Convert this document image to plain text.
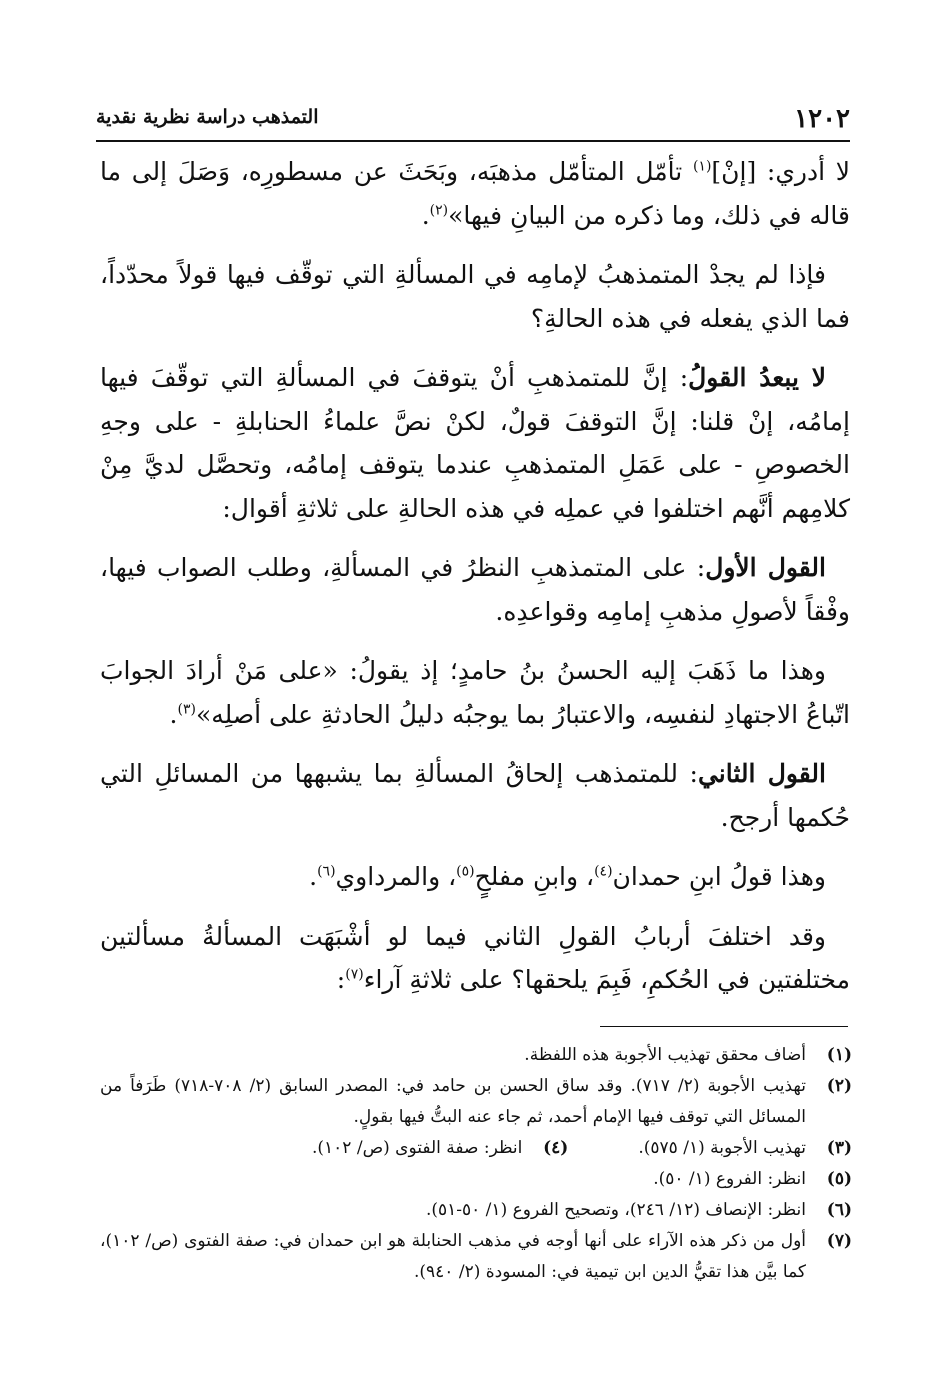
١٢٠٢
التمذهب دراسة نظرية نقدية

لا أدري: [إنْ]$^{(١)}$ تأمّل المتأمّل مذهبَه، وبَحَثَ عن مسطورِه، وَصَلَ إلى ما قاله في ذلك، وما ذكره من البيانِ فيها»$^{(٢)}$.

فإذا لم يجدْ المتمذهبُ لإمامِه في المسألةِ التي توقّف فيها قولاً محدّداً، فما الذي يفعله في هذه الحالةِ؟

لا يبعدُ القولُ: إنَّ للمتمذهبِ أنْ يتوقفَ في المسألةِ التي توقّفَ فيها إمامُه، إنْ قلنا: إنَّ التوقفَ قولٌ، لكنْ نصَّ علماءُ الحنابلةِ - على وجهِ الخصوصِ - على عَمَلِ المتمذهبِ عندما يتوقف إمامُه، وتحصَّل لديَّ مِنْ كلامِهم أنَّهم اختلفوا في عملِه في هذه الحالةِ على ثلاثةِ أقوال:

القول الأول: على المتمذهبِ النظرُ في المسألةِ، وطلب الصواب فيها، وفْقاً لأصولِ مذهبِ إمامِه وقواعدِه.

وهذا ما ذَهَبَ إليه الحسنُ بنُ حامدٍ؛ إذ يقولُ: «على مَنْ أرادَ الجوابَ اتّباعُ الاجتهادِ لنفسِه، والاعتبارُ بما يوجبُه دليلُ الحادثةِ على أصلِه»$^{(٣)}$.

القول الثاني: للمتمذهب إلحاقُ المسألةِ بما يشبهها من المسائلِ التي حُكمها أرجح.

وهذا قولُ ابنِ حمدان$^{(٤)}$، وابنِ مفلحٍ$^{(٥)}$، والمرداوي$^{(٦)}$.

وقد اختلفَ أربابُ القولِ الثاني فيما لو أشْبَهَت المسألةُ مسألتين مختلفتين في الحُكمِ، فَبِمَ يلحقها؟ على ثلاثةِ آراء$^{(٧)}$:

(١)
أضاف محقق تهذيب الأجوبة هذه اللفظة.
(٢)
تهذيب الأجوبة (٢/ ٧١٧). وقد ساق الحسن بن حامد في: المصدر السابق (٢/ ٧٠٨-٧١٨) طَرَفاً من المسائل التي توقف فيها الإمام أحمد، ثم جاء عنه البتُّ فيها بقولٍ.
(٣)
تهذيب الأجوبة (١/ ٥٧٥).
(٤)
انظر: صفة الفتوى (ص/ ١٠٢).
(٥)
انظر: الفروع (١/ ٥٠).
(٦)
انظر: الإنصاف (١٢/ ٢٤٦)، وتصحيح الفروع (١/ ٥٠-٥١).
(٧)
أول من ذكر هذه الآراء على أنها أوجه في مذهب الحنابلة هو ابن حمدان في: صفة الفتوى (ص/ ١٠٢)، كما بيَّن هذا تقيُّ الدين ابن تيمية في: المسودة (٢/ ٩٤٠).
